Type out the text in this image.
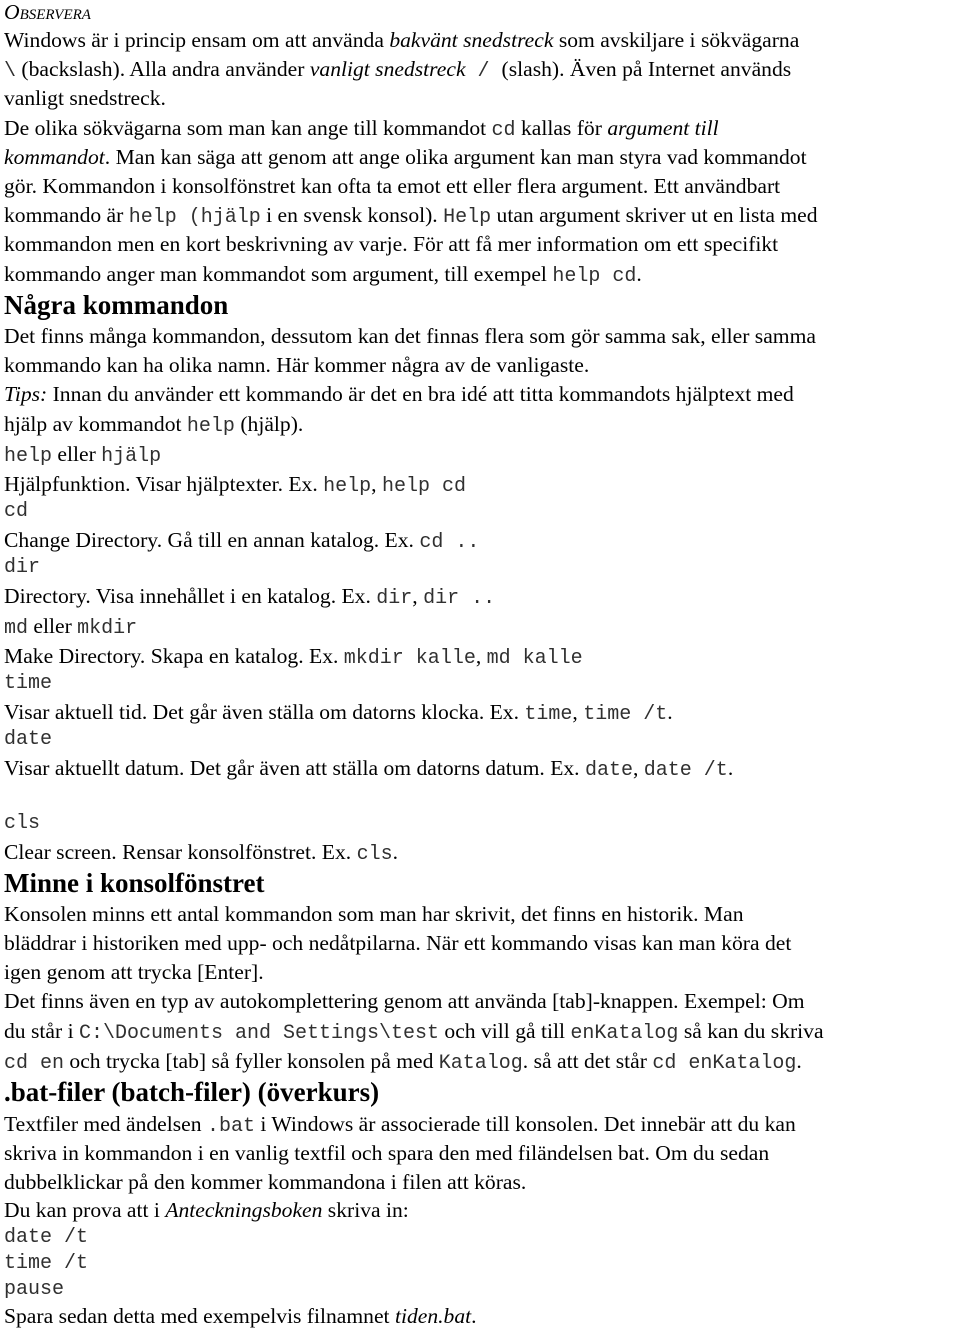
Observera
Windows är i princip ensam om att använda bakvänt snedstreck som avskiljare i sökvägarna
\ (backslash). Alla andra använder vanligt snedstreck / (slash). Även på Internet används
vanligt snedstreck.
De olika sökvägarna som man kan ange till kommandot cd kallas för argument till
kommandot. Man kan säga att genom att ange olika argument kan man styra vad kommandot
gör. Kommandon i konsolfönstret kan ofta ta emot ett eller flera argument. Ett användbart
kommando är help (hjälp i en svensk konsol). Help utan argument skriver ut en lista med
kommandon men en kort beskrivning av varje. För att få mer information om ett specifikt
kommando anger man kommandot som argument, till exempel help cd.
Några kommandon
Det finns många kommandon, dessutom kan det finnas flera som gör samma sak, eller samma
kommando kan ha olika namn. Här kommer några av de vanligaste.
Tips: Innan du använder ett kommando är det en bra idé att titta kommandots hjälptext med
hjälp av kommandot help (hjälp).
help eller hjälp
Hjälpfunktion. Visar hjälptexter. Ex. help, help cd
cd
Change Directory. Gå till en annan katalog. Ex. cd ..
dir
Directory. Visa innehållet i en katalog. Ex. dir, dir ..
md eller mkdir
Make Directory. Skapa en katalog. Ex. mkdir kalle, md kalle
time
Visar aktuell tid. Det går även ställa om datorns klocka. Ex. time, time /t.
date
Visar aktuellt datum. Det går även att ställa om datorns datum. Ex. date, date /t.
cls
Clear screen. Rensar konsolfönstret. Ex. cls.
Minne i konsolfönstret
Konsolen minns ett antal kommandon som man har skrivit, det finns en historik. Man
bläddrar i historiken med upp- och nedåtpilarna. När ett kommando visas kan man köra det
igen genom att trycka [Enter].
Det finns även en typ av autokomplettering genom att använda [tab]-knappen. Exempel: Om
du står i C:\Documents and Settings\test och vill gå till enKatalog så kan du skriva
cd en och trycka [tab] så fyller konsolen på med Katalog. så att det står cd enKatalog.
.bat-filer (batch-filer) (överkurs)
Textfiler med ändelsen .bat i Windows är associerade till konsolen. Det innebär att du kan
skriva in kommandon i en vanlig textfil och spara den med filändelsen bat. Om du sedan
dubbelklickar på den kommer kommandona i filen att köras.
Du kan prova att i Anteckningsboken skriva in:
date /t
time /t
pause
Spara sedan detta med exempelvis filnamnet tiden.bat.
